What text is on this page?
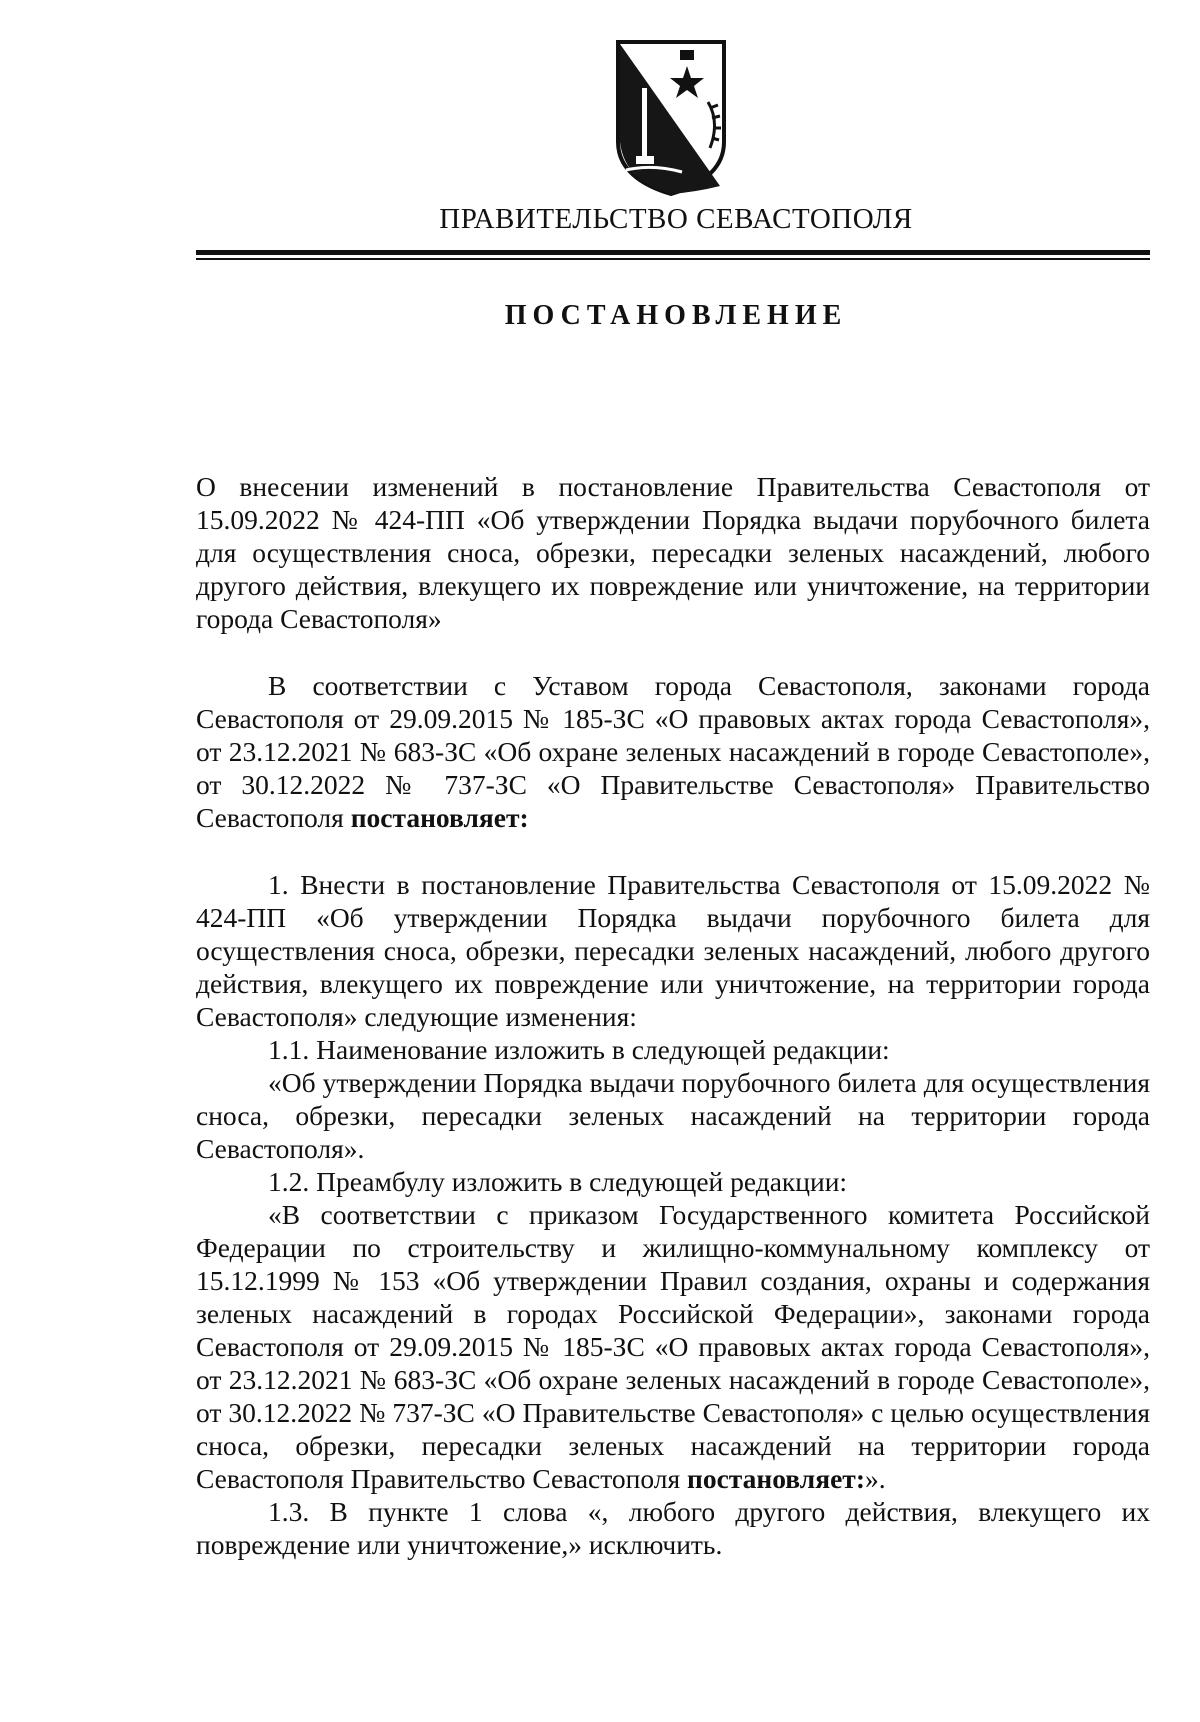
ПРАВИТЕЛЬСТВО СЕВАСТОПОЛЯ
ПОСТАНОВЛЕНИЕ

О внесении изменений в постановление Правительства Севастополя от 15.09.2022 № 424-ПП «Об утверждении Порядка выдачи порубочного билета для осуществления сноса, обрезки, пересадки зеленых насаждений, любого другого действия, влекущего их повреждение или уничтожение, на территории города Севастополя»

В соответствии с Уставом города Севастополя, законами города Севастополя от 29.09.2015 № 185-ЗС «О правовых актах города Севастополя», от 23.12.2021 № 683-ЗС «Об охране зеленых насаждений в городе Севастополе», от 30.12.2022 № 737-ЗС «О Правительстве Севастополя» Правительство Севастополя постановляет:

1. Внести в постановление Правительства Севастополя от 15.09.2022 № 424-ПП «Об утверждении Порядка выдачи порубочного билета для осуществления сноса, обрезки, пересадки зеленых насаждений, любого другого действия, влекущего их повреждение или уничтожение, на территории города Севастополя» следующие изменения:

1.1. Наименование изложить в следующей редакции:

«Об утверждении Порядка выдачи порубочного билета для осуществления сноса, обрезки, пересадки зеленых насаждений на территории города Севастополя».

1.2. Преамбулу изложить в следующей редакции:

«В соответствии с приказом Государственного комитета Российской Федерации по строительству и жилищно-коммунальному комплексу от 15.12.1999 № 153 «Об утверждении Правил создания, охраны и содержания зеленых насаждений в городах Российской Федерации», законами города Севастополя от 29.09.2015 № 185-ЗС «О правовых актах города Севастополя», от 23.12.2021 № 683-ЗС «Об охране зеленых насаждений в городе Севастополе», от 30.12.2022 № 737-ЗС «О Правительстве Севастополя» с целью осуществления сноса, обрезки, пересадки зеленых насаждений на территории города Севастополя Правительство Севастополя постановляет:».

1.3. В пункте 1 слова «, любого другого действия, влекущего их повреждение или уничтожение,» исключить.
